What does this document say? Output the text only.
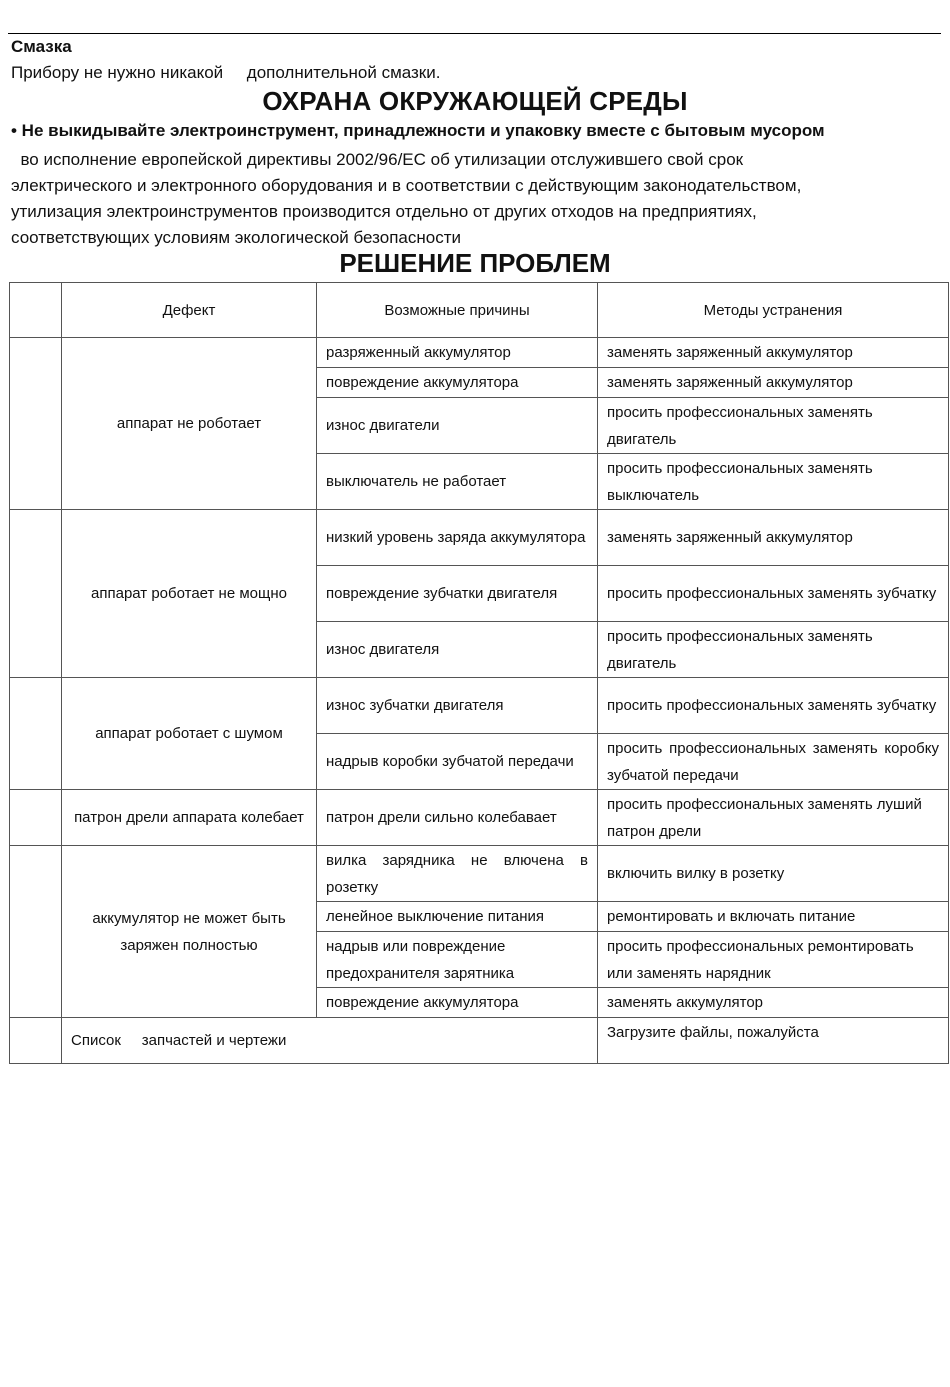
Смазка
Прибору не нужно никакой     дополнительной смазки.
ОХРАНА ОКРУЖАЮЩЕЙ СРЕДЫ
• Не выкидывайте электроинструмент, принадлежности и упаковку вместе с бытовым мусором
во исполнение европейской директивы 2002/96/ЕС об утилизации отслужившего свой срок
электрического и электронного оборудования и в соответствии с действующим законодательством,
утилизация электроинструментов производится отдельно от других отходов на предприятиях,
соответствующих условиям экологической безопасности
РЕШЕНИЕ ПРОБЛЕМ
	Дефект	Возможные причины	Методы устранения
	аппарат не роботает	разряженный аккумулятор	заменять заряженный аккумулятор
		повреждение аккумулятора	заменять заряженный аккумулятор
		износ двигатели	просить профессиональных заменять двигатель
		выключатель не работает	просить профессиональных заменять выключатель
	аппарат роботает не мощно	низкий уровень заряда аккумулятора	заменять заряженный аккумулятор
		повреждение зубчатки двигателя	просить профессиональных заменять зубчатку
		износ двигателя	просить профессиональных заменять двигатель
	аппарат роботает с шумом	износ зубчатки двигателя	просить профессиональных заменять зубчатку
		надрыв коробки зубчатой передачи	просить профессиональных заменять коробку зубчатой передачи
	патрон дрели аппарата колебает	патрон дрели сильно колебавает	просить профессиональных заменять луший патрон дрели
	аккумулятор не может быть заряжен полностью	вилка зарядника не влючена в розетку	включить вилку в розетку
		ленейное выключение питания	ремонтировать и включать питание
		надрыв или повреждение предохранителя зарятника	просить профессиональных ремонтировать или заменять нарядник
		повреждение аккумулятора	заменять аккумулятор
	Список     запчастей и чертежи		Загрузите файлы, пожалуйста
